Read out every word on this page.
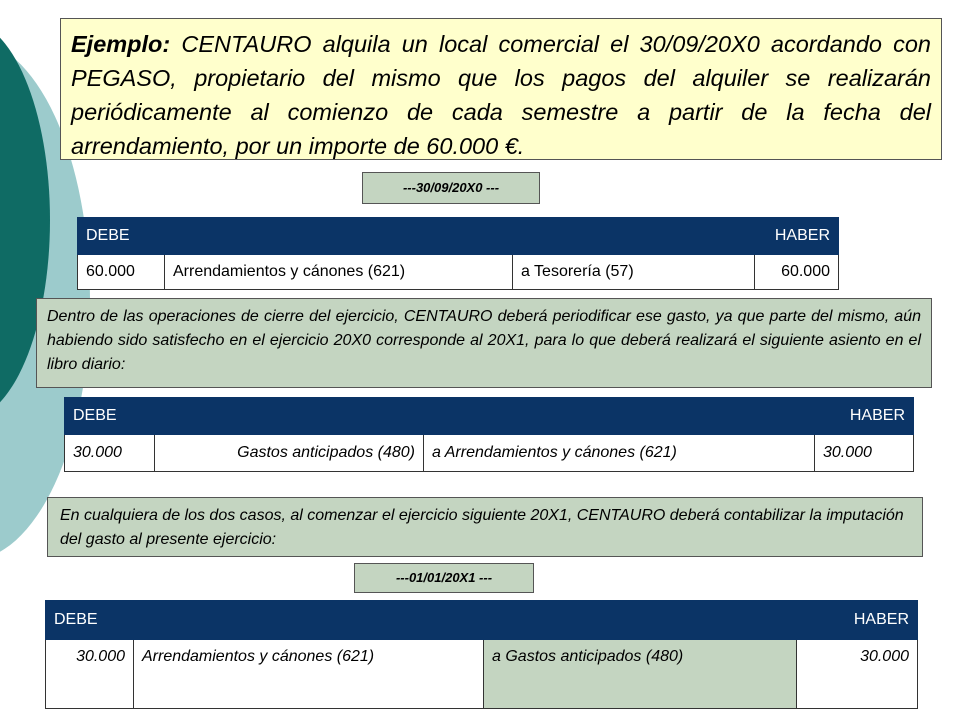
Ejemplo: CENTAURO alquila un local comercial el 30/09/20X0 acordando con PEGASO, propietario del mismo que los pagos del alquiler se realizarán periódicamente al comienzo de cada semestre a partir de la fecha del arrendamiento, por un importe de 60.000 €.
---30/09/20X0 ---
DEBE			HABER
60.000	Arrendamientos y cánones (621)	a Tesorería (57)	60.000
Dentro de las operaciones de cierre del ejercicio, CENTAURO deberá periodificar ese gasto, ya que parte del mismo, aún habiendo sido satisfecho en el ejercicio 20X0 corresponde al 20X1, para lo que deberá realizará el siguiente asiento en el libro diario:
DEBE			HABER
30.000	Gastos anticipados (480)	a Arrendamientos y cánones (621)	30.000
En cualquiera de los dos casos, al comenzar el ejercicio siguiente 20X1, CENTAURO deberá contabilizar la imputación del gasto al presente ejercicio:
---01/01/20X1 ---
DEBE			HABER
30.000	Arrendamientos y cánones (621)	a Gastos anticipados (480)	30.000
